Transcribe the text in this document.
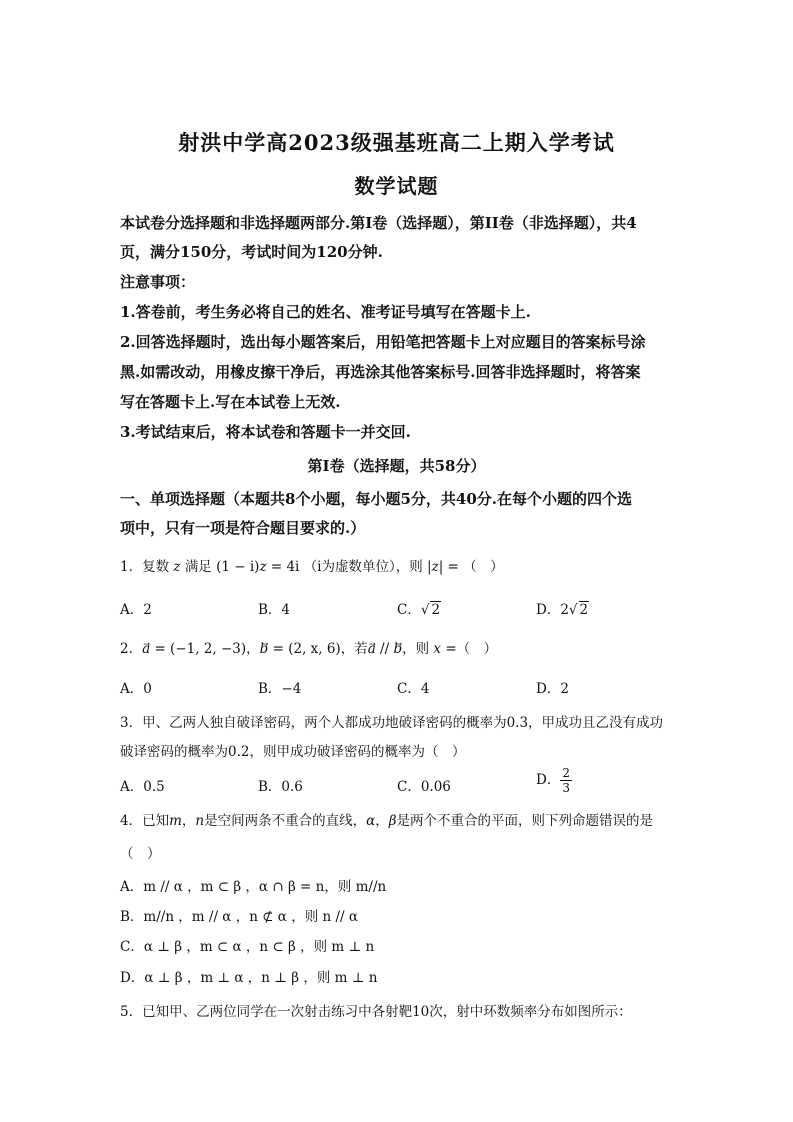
射洪中学高2023级强基班高二上期入学考试
数学试题
本试卷分选择题和非选择题两部分.第I卷（选择题），第II卷（非选择题），共4
页，满分150分，考试时间为120分钟.
注意事项：
1.答卷前，考生务必将自己的姓名、准考证号填写在答题卡上.
2.回答选择题时，选出每小题答案后，用铅笔把答题卡上对应题目的答案标号涂
黑.如需改动，用橡皮擦干净后，再选涂其他答案标号.回答非选择题时，将答案
写在答题卡上.写在本试卷上无效.
3.考试结束后，将本试卷和答题卡一并交回.
第I卷（选择题，共58分）
一、单项选择题（本题共8个小题，每小题5分，共40分.在每个小题的四个选
项中，只有一项是符合题目要求的.）
1．复数 z 满足 (1 − i)z = 4i （i为虚数单位），则 |z| = （　）
A．2	B．4	C．√ 2	D．2√ 2
2．a⃗ = (−1, 2, −3)，b⃗ = (2, x, 6)，若a⃗ // b，则 x =（　）
A．0	B．−4	C．4	D．2
3．甲、乙两人独自破译密码，两个人都成功地破译密码的概率为0.3，甲成功且乙没有成功
破译密码的概率为0.2，则甲成功破译密码的概率为（　）
A．0.5	B．0.6	C．0.06	D． $\frac{2}{3}$
4．已知m，n是空间两条不重合的直线，α，β是两个不重合的平面，则下列命题错误的是
（　）
A．m // α ，m ⊂ β ，α ∩ β = n，则 m//n
B．m//n ，m // α ，n ⊄ α ，则 n // α
C．α ⊥ β ，m ⊂ α ，n ⊂ β ，则 m ⊥ n
D．α ⊥ β ，m ⊥ α ，n ⊥ β ，则 m ⊥ n
5．已知甲、乙两位同学在一次射击练习中各射靶10次，射中环数频率分布如图所示：
